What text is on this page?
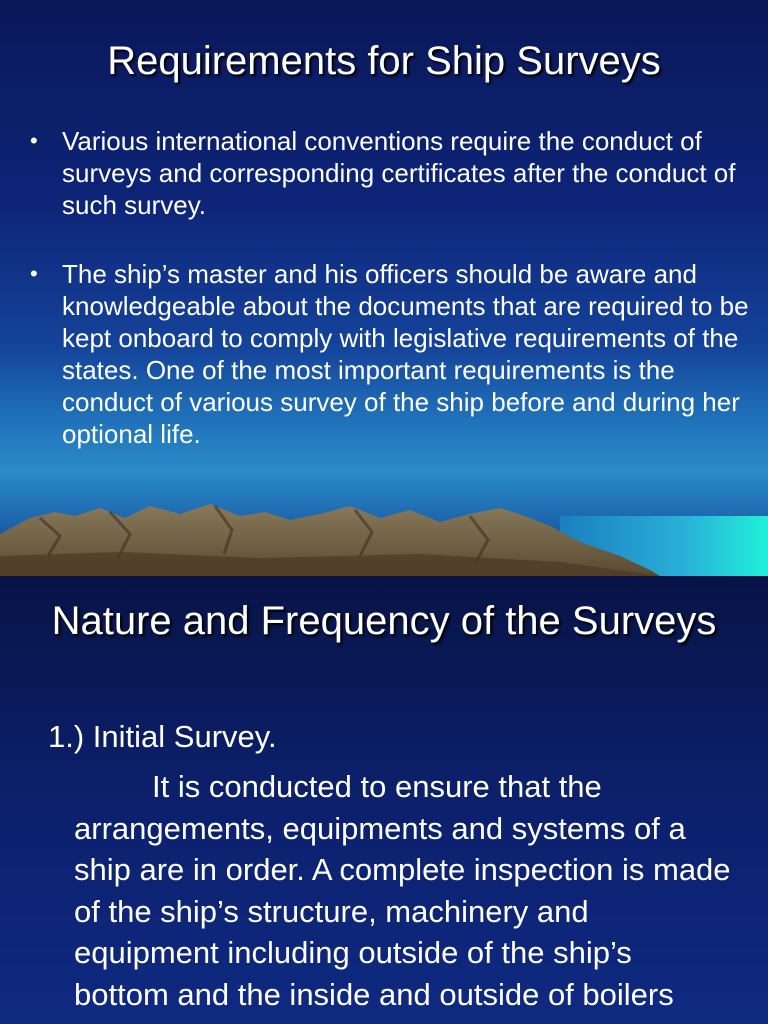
Requirements for Ship Surveys
• Various international conventions require the conduct of surveys and corresponding certificates after the conduct of such survey.
• The ship’s master and his officers should be aware and knowledgeable about the documents that are required to be kept onboard to comply with legislative requirements of the states. One of the most important requirements is the conduct of various survey of the ship before and during her optional life.
Nature and Frequency of the Surveys
1.) Initial Survey.
It is conducted to ensure that the arrangements, equipments and systems of a ship are in order. A complete inspection is made of the ship’s structure, machinery and equipment including outside of the ship’s bottom and the inside and outside of boilers
